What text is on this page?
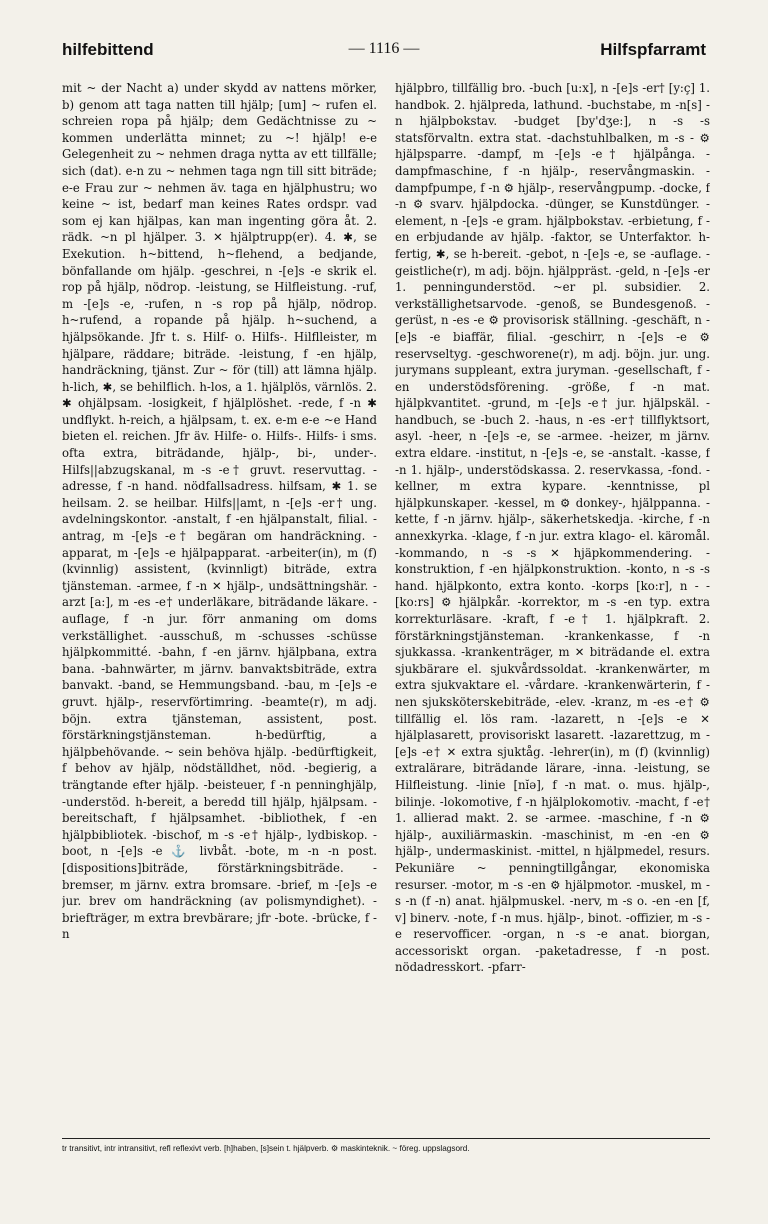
hilfebittend	— 1116 —	Hilfspfarramt
mit ~ der Nacht a) under skydd av nattens mörker, b) genom att taga natten till hjälp; [um] ~ rufen el. schreien ropa på hjälp; dem Gedächtnisse zu ~ kommen underlätta minnet; zu ~! hjälp! e-e Gelegenheit zu ~ nehmen draga nytta av ett tillfälle; sich (dat). e-n zu ~ nehmen taga ngn till sitt biträde; e-e Frau zur ~ nehmen äv. taga en hjälphustru; wo keine ~ ist, bedarf man keines Rates ordspr. vad som ej kan hjälpas, kan man ingenting göra åt. 2. rädk. ~n pl hjälper. 3. ✕ hjälptrupp(er). 4. ✱, se Exekution. h~bittend, h~flehend, a bedjande, bönfallande om hjälp. -geschrei, n -[e]s -e skrik el. rop på hjälp, nödrop. -leistung, se Hilfleistung. -ruf, m -[e]s -e, -rufen, n -s rop på hjälp, nödrop. h~rufend, a ropande på hjälp. h~suchend, a hjälpsökande. Jfr t. s. Hilf- o. Hilfs-. Hilflleister, m hjälpare, räddare; biträde. -leistung, f -en hjälp, handräckning, tjänst. Zur ~ för (till) att lämna hjälp. h-lich, ✱, se behilflich. h-los, a 1. hjälplös, värnlös. 2. ✱ ohjälpsam. -losigkeit, f hjälplöshet. -rede, f -n ✱ undflykt. h-reich, a hjälpsam, t. ex. e-m e-e ~e Hand bieten el. reichen. Jfr äv. Hilfe- o. Hilfs-. Hilfs- i sms. ofta extra, biträdande, hjälp-, bi-, under-. Hilfs||abzugskanal, m -s -e† gruvt. reservuttag. -adresse, f -n hand. nödfallsadress. hilfsam, ✱ 1. se heilsam. 2. se heilbar. Hilfs||amt, n -[e]s -er† ung. avdelningskontor. -anstalt, f -en hjälpanstalt, filial. -antrag, m -[e]s -e† begäran om handräckning. -apparat, m -[e]s -e hjälpapparat. -arbeiter(in), m (f) (kvinnlig) assistent, (kvinnligt) biträde, extra tjänsteman. -armee, f -n ✕ hjälp-, undsättningshär. -arzt [a:], m -es -e† underläkare, biträdande läkare. -auflage, f -n jur. förr anmaning om doms verkställighet. -ausschuß, m -schusses -schüsse hjälpkommitté. -bahn, f -en järnv. hjälpbana, extra bana. -bahnwärter, m järnv. banvaktsbiträde, extra banvakt. -band, se Hemmungsband. -bau, m -[e]s -e gruvt. hjälp-, reservförtimring. -beamte(r), m adj. böjn. extra tjänsteman, assistent, post. förstärkningstjänsteman. h-bedürftig, a hjälpbehövande. ~ sein behöva hjälp. -bedürftigkeit, f behov av hjälp, nödställdhet, nöd. -begierig, a trängtande efter hjälp. -beisteuer, f -n penninghjälp, -understöd. h-bereit, a beredd till hjälp, hjälpsam. -bereitschaft, f hjälpsamhet. -bibliothek, f -en hjälpbibliotek. -bischof, m -s -e† hjälp-, lydbiskop. -boot, n -[e]s -e ⚓ livbåt. -bote, m -n -n post. [dispositions]biträde, förstärkningsbiträde. -bremser, m järnv. extra bromsare. -brief, m -[e]s -e jur. brev om handräckning (av polismyndighet). -briefträger, m extra brevbärare; jfr -bote. -brücke, f -n
hjälpbro, tillfällig bro. -buch [u:x], n -[e]s -er† [y:ç] 1. handbok. 2. hjälpreda, lathund. -buchstabe, m -n[s] -n hjälpbokstav. -budget [by'dʒe:], n -s -s statsförvaltn. extra stat. -dachstuhlbalken, m -s - ⚙ hjälpsparre. -dampf, m -[e]s -e† hjälpånga. -dampfmaschine, f -n hjälp-, reservångmaskin. -dampfpumpe, f -n ⚙ hjälp-, reservångpump. -docke, f -n ⚙ svarv. hjälpdocka. -dünger, se Kunstdünger. -element, n -[e]s -e gram. hjälpbokstav. -erbietung, f -en erbjudande av hjälp. -faktor, se Unterfaktor. h-fertig, ✱, se h-bereit. -gebot, n -[e]s -e, se -auflage. -geistliche(r), m adj. böjn. hjälppräst. -geld, n -[e]s -er 1. penningunderstöd. ~er pl. subsidier. 2. verkställighetsarvode. -genoß, se Bundesgenoß. -gerüst, n -es -e ⚙ provisorisk ställning. -geschäft, n -[e]s -e biaffär, filial. -geschirr, n -[e]s -e ⚙ reservseltyg. -geschworene(r), m adj. böjn. jur. ung. jurymans suppleant, extra juryman. -gesellschaft, f -en understödsförening. -größe, f -n mat. hjälpkvantitet. -grund, m -[e]s -e† jur. hjälpskäl. -handbuch, se -buch 2. -haus, n -es -er† tillflyktsort, asyl. -heer, n -[e]s -e, se -armee. -heizer, m järnv. extra eldare. -institut, n -[e]s -e, se -anstalt. -kasse, f -n 1. hjälp-, understödskassa. 2. reservkassa, -fond. -kellner, m extra kypare. -kenntnisse, pl hjälpkunskaper. -kessel, m ⚙ donkey-, hjälppanna. -kette, f -n järnv. hjälp-, säkerhetskedja. -kirche, f -n annexkyrka. -klage, f -n jur. extra klago- el. käromål. -kommando, n -s -s ✕ hjäpkommendering. -konstruktion, f -en hjälpkonstruktion. -konto, n -s -s hand. hjälpkonto, extra konto. -korps [ko:r], n - - [ko:rs] ⚙ hjälpkår. -korrektor, m -s -en typ. extra korrekturläsare. -kraft, f -e† 1. hjälpkraft. 2. förstärkningstjänsteman. -krankenkasse, f -n sjukkassa. -krankenträger, m ✕ biträdande el. extra sjukbärare el. sjukvårdssoldat. -krankenwärter, m extra sjukvaktare el. -vårdare. -krankenwärterin, f -nen sjuksköterskebiträde, -elev. -kranz, m -es -e† ⚙ tillfällig el. lös ram. -lazarett, n -[e]s -e ✕ hjälplasarett, provisoriskt lasarett. -lazarettzug, m -[e]s -e† ✕ extra sjuktåg. -lehrer(in), m (f) (kvinnlig) extralärare, biträdande lärare, -inna. -leistung, se Hilfleistung. -linie [nĭə], f -n mat. o. mus. hjälp-, bilinje. -lokomotive, f -n hjälplokomotiv. -macht, f -e† 1. allierad makt. 2. se -armee. -maschine, f -n ⚙ hjälp-, auxiliärmaskin. -maschinist, m -en -en ⚙ hjälp-, undermaskinist. -mittel, n hjälpmedel, resurs. Pekuniäre ~ penningtillgångar, ekonomiska resurser. -motor, m -s -en ⚙ hjälpmotor. -muskel, m -s -n (f -n) anat. hjälpmuskel. -nerv, m -s o. -en -en [f, v] binerv. -note, f -n mus. hjälp-, binot. -offizier, m -s -e reservofficer. -organ, n -s -e anat. biorgan, accessoriskt organ. -paketadresse, f -n post. nödadresskort. -pfarr-
tr transitivt, intr intransitivt, refl reflexivt verb. [h]haben, [s]sein t. hjälpverb. ⚙ maskinteknik. ~ föreg. uppslagsord.
